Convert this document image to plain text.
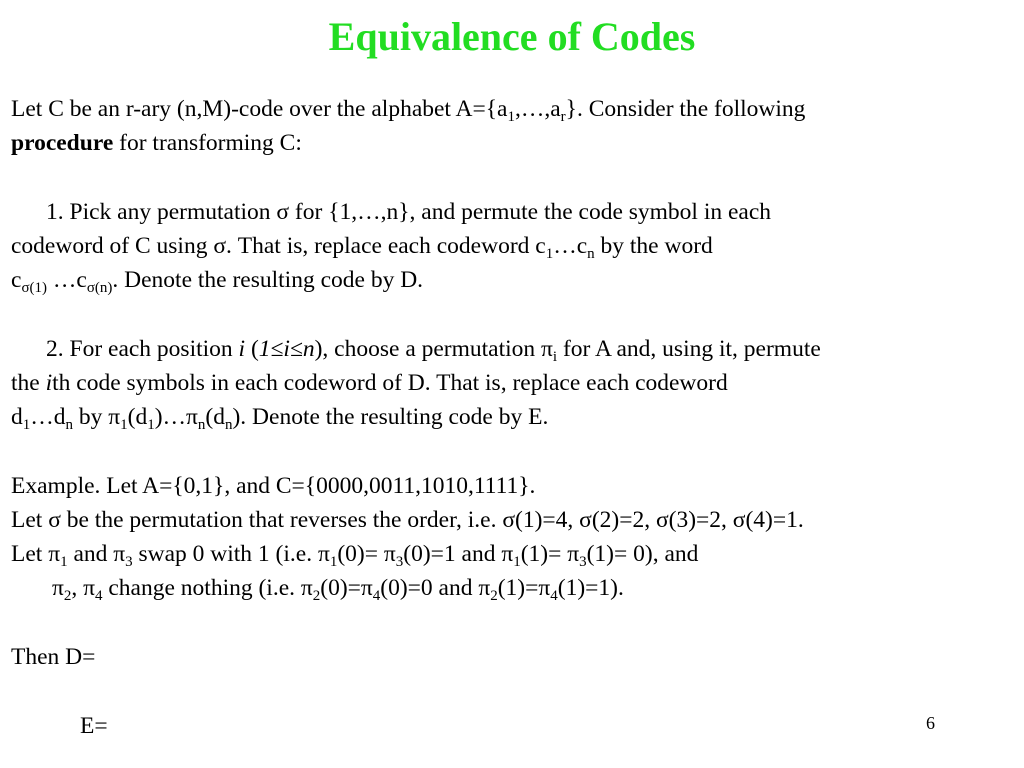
Equivalence of Codes
Let C be an r-ary (n,M)-code over the alphabet $A=\{a_1,\dots,a_r\}$. Consider the following
procedure for transforming C:
1. Pick any permutation σ for {1,…,n}, and permute the code symbol in each
codeword of C using σ. That is, replace each codeword $c_1\dots c_n$ by the word
$c_{\sigma(1)}$ $\dots c_{\sigma(n)}$. Denote the resulting code by D.
2. For each position i (1≤i≤n), choose a permutation $\pi_i$ for A and, using it, permute
the ith code symbols in each codeword of D. That is, replace each codeword
$d_1\dots d_n$ by $\pi_1(d_1)\dots\pi_n(d_n)$. Denote the resulting code by E.
Example. Let A={0,1}, and C={0000,0011,1010,1111}.
Let σ be the permutation that reverses the order, i.e. σ(1)=4, σ(2)=2, σ(3)=2, σ(4)=1.
Let $\pi_1$ and $\pi_3$ swap 0 with 1 (i.e. $\pi_1(0)= \pi_3(0)=1$ and $\pi_1(1)= \pi_3(1)= 0$), and
$\pi_2$, $\pi_4$ change nothing (i.e. $\pi_2(0)=\pi_4(0)=0$ and $\pi_2(1)=\pi_4(1)=1$).
Then D=
E=	6
